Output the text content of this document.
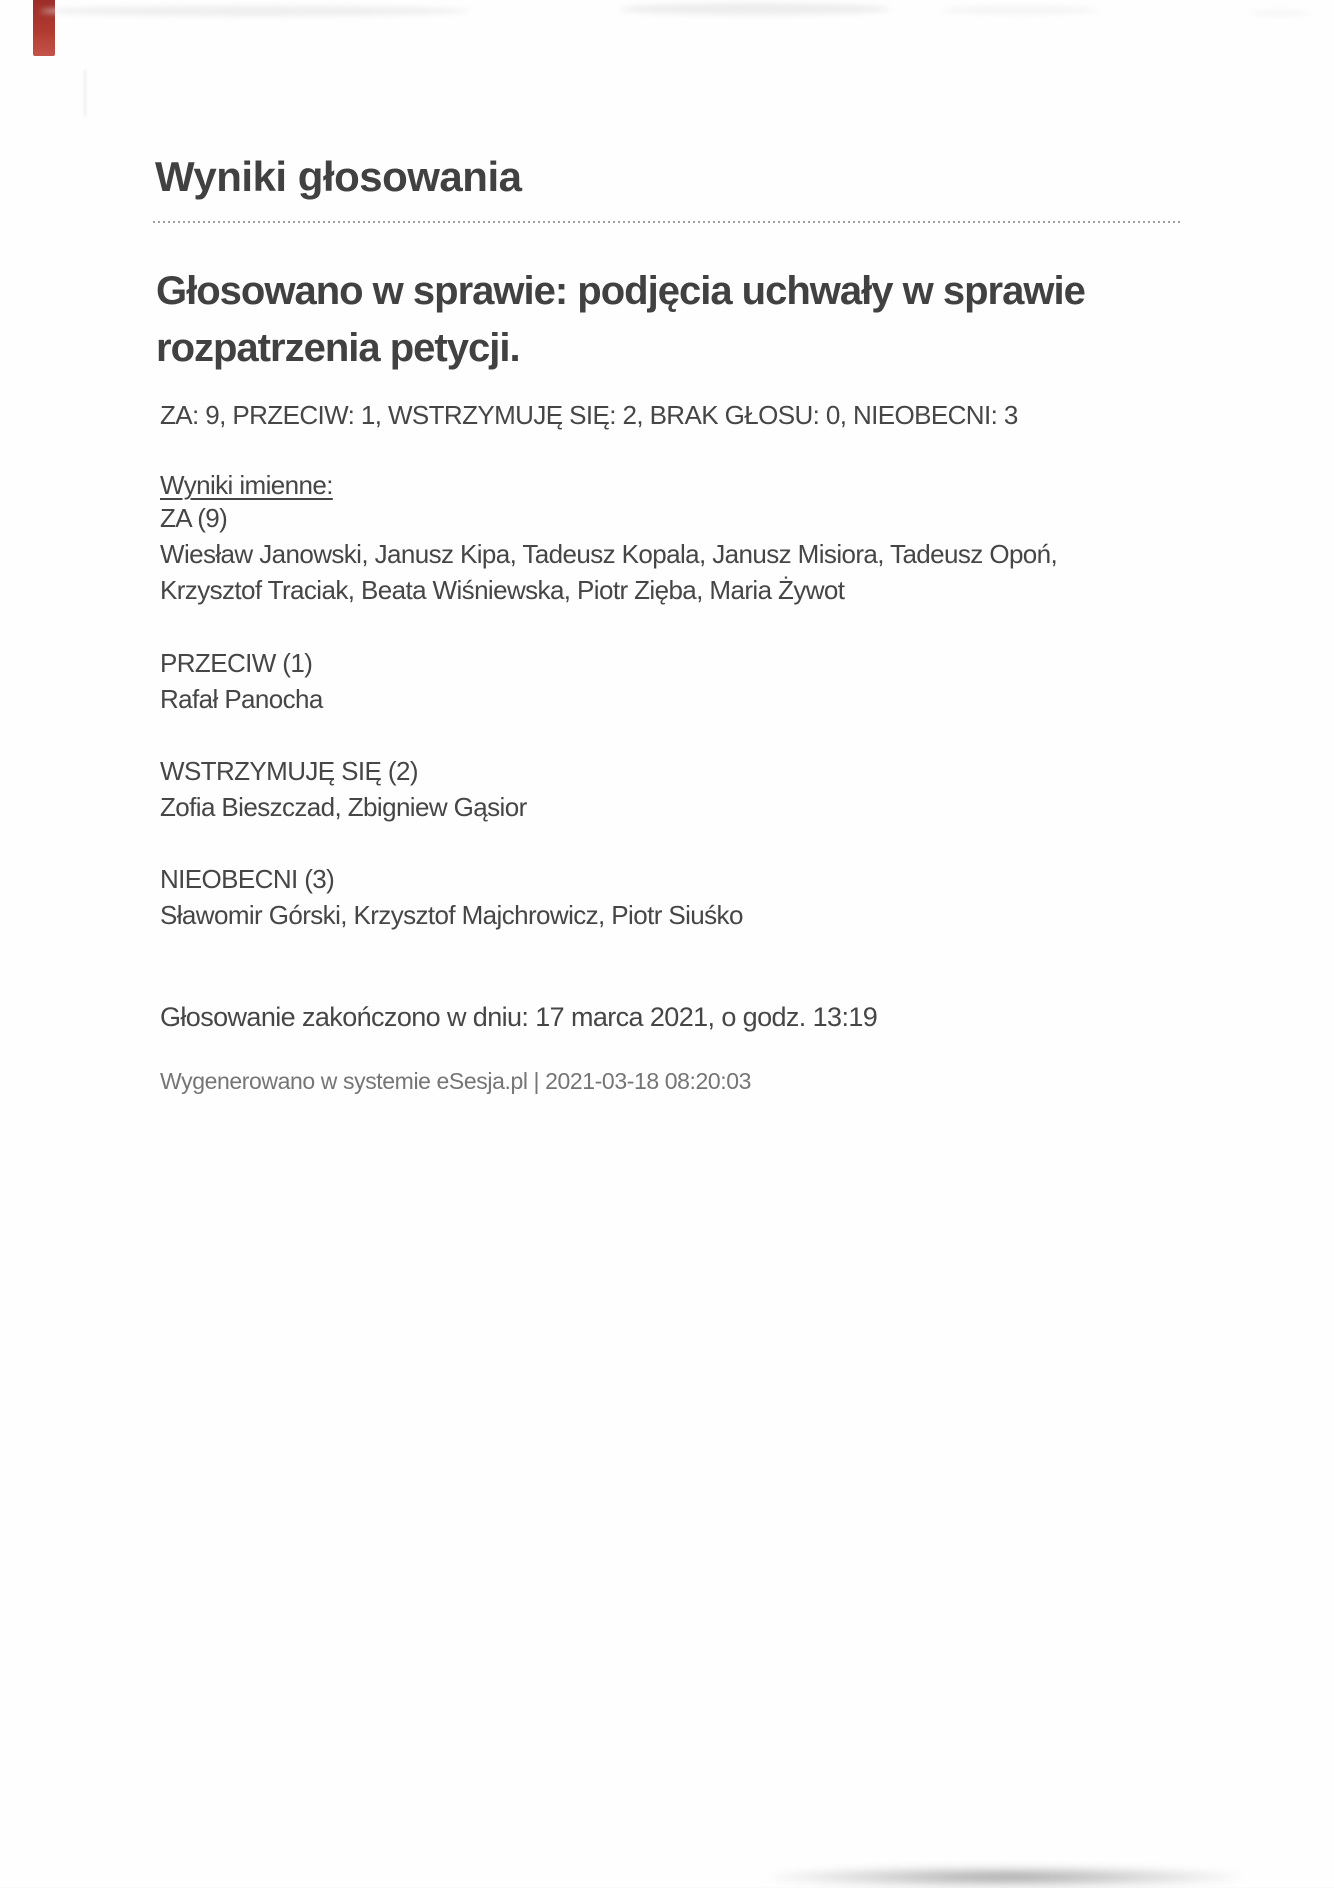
Wyniki głosowania
Głosowano w sprawie: podjęcia uchwały w sprawie
rozpatrzenia petycji.
ZA: 9, PRZECIW: 1, WSTRZYMUJĘ SIĘ: 2, BRAK GŁOSU: 0, NIEOBECNI: 3
Wyniki imienne:
ZA (9)
Wiesław Janowski, Janusz Kipa, Tadeusz Kopala, Janusz Misiora, Tadeusz Opoń,
Krzysztof Traciak, Beata Wiśniewska, Piotr Zięba, Maria Żywot
PRZECIW (1)
Rafał Panocha
WSTRZYMUJĘ SIĘ (2)
Zofia Bieszczad, Zbigniew Gąsior
NIEOBECNI (3)
Sławomir Górski, Krzysztof Majchrowicz, Piotr Siuśko
Głosowanie zakończono w dniu: 17 marca 2021, o godz. 13:19
Wygenerowano w systemie eSesja.pl | 2021-03-18 08:20:03
